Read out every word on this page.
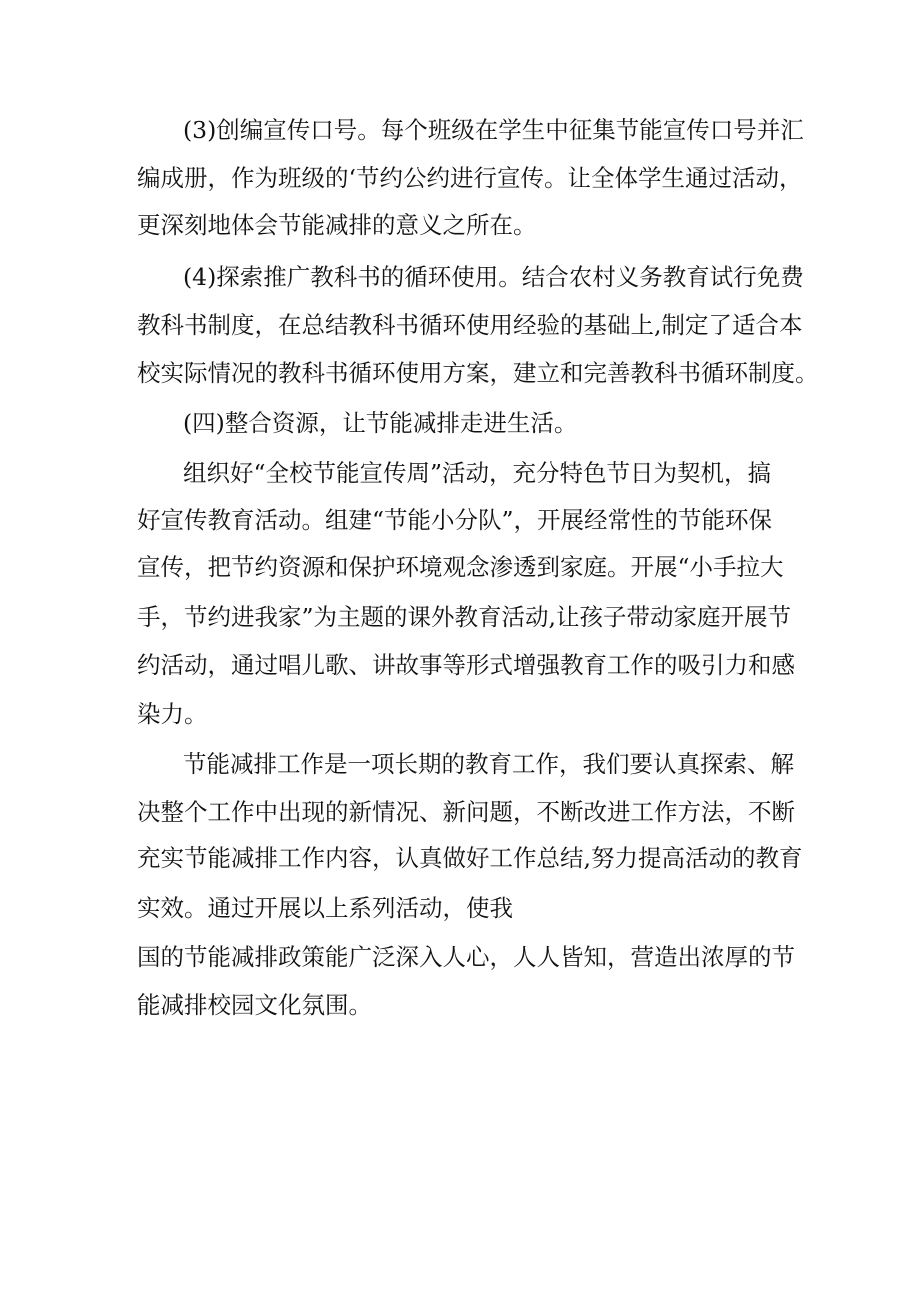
(3)创编宣传口号。每个班级在学生中征集节能宣传口号并汇
编成册，作为班级的‘节约公约进行宣传。让全体学生通过活动，
更深刻地体会节能减排的意义之所在。
(4)探索推广教科书的循环使用。结合农村义务教育试行免费
教科书制度，在总结教科书循环使用经验的基础上,制定了适合本
校实际情况的教科书循环使用方案，建立和完善教科书循环制度。
(四)整合资源，让节能减排走进生活。
组织好“全校节能宣传周”活动，充分特色节日为契机，搞
好宣传教育活动。组建“节能小分队”，开展经常性的节能环保
宣传，把节约资源和保护环境观念渗透到家庭。开展“小手拉大
手，节约进我家”为主题的课外教育活动,让孩子带动家庭开展节
约活动，通过唱儿歌、讲故事等形式增强教育工作的吸引力和感
染力。
节能减排工作是一项长期的教育工作，我们要认真探索、解
决整个工作中出现的新情况、新问题，不断改进工作方法，不断
充实节能减排工作内容，认真做好工作总结,努力提高活动的教育
实效。通过开展以上系列活动，使我
国的节能减排政策能广泛深入人心，人人皆知，营造出浓厚的节
能减排校园文化氛围。
